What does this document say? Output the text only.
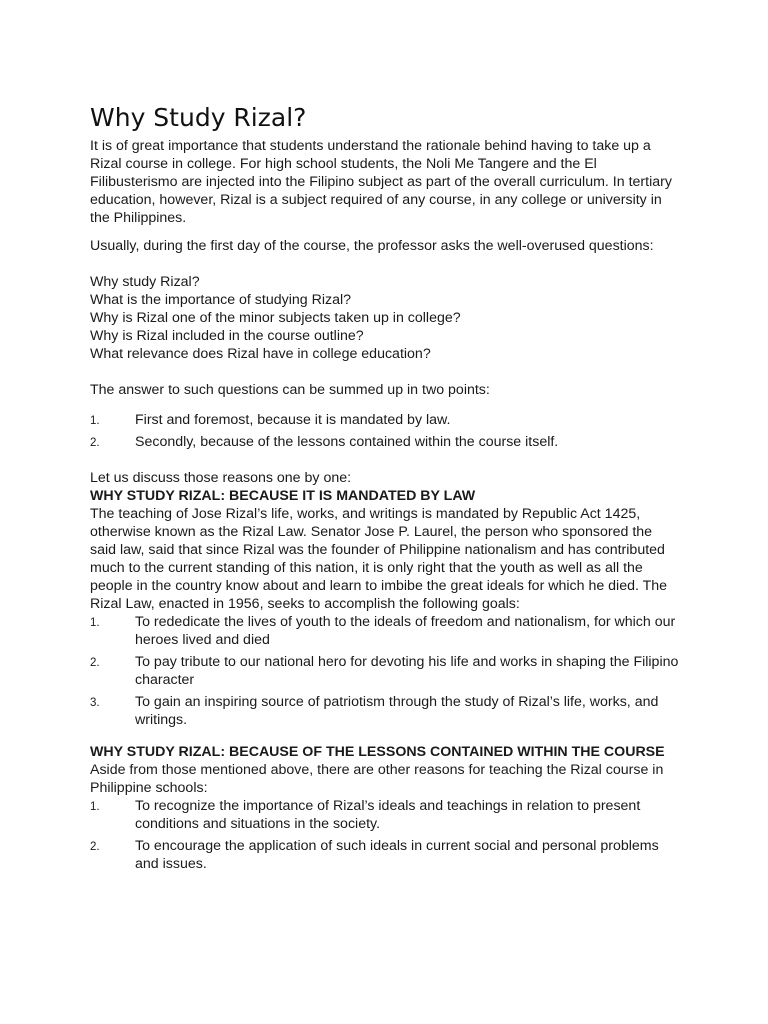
Why Study Rizal?

It is of great importance that students understand the rationale behind having to take up a Rizal course in college. For high school students, the Noli Me Tangere and the El Filibusterismo are injected into the Filipino subject as part of the overall curriculum. In tertiary education, however, Rizal is a subject required of any course, in any college or university in the Philippines.

Usually, during the first day of the course, the professor asks the well-overused questions:

Why study Rizal?
What is the importance of studying Rizal?
Why is Rizal one of the minor subjects taken up in college?
Why is Rizal included in the course outline?
What relevance does Rizal have in college education?

The answer to such questions can be summed up in two points:

1. First and foremost, because it is mandated by law.
2. Secondly, because of the lessons contained within the course itself.

Let us discuss those reasons one by one:

WHY STUDY RIZAL: BECAUSE IT IS MANDATED BY LAW

The teaching of Jose Rizal’s life, works, and writings is mandated by Republic Act 1425, otherwise known as the Rizal Law. Senator Jose P. Laurel, the person who sponsored the said law, said that since Rizal was the founder of Philippine nationalism and has contributed much to the current standing of this nation, it is only right that the youth as well as all the people in the country know about and learn to imbibe the great ideals for which he died. The Rizal Law, enacted in 1956, seeks to accomplish the following goals:

1. To rededicate the lives of youth to the ideals of freedom and nationalism, for which our heroes lived and died
2. To pay tribute to our national hero for devoting his life and works in shaping the Filipino character
3. To gain an inspiring source of patriotism through the study of Rizal’s life, works, and writings.

WHY STUDY RIZAL: BECAUSE OF THE LESSONS CONTAINED WITHIN THE COURSE

Aside from those mentioned above, there are other reasons for teaching the Rizal course in Philippine schools:

1. To recognize the importance of Rizal’s ideals and teachings in relation to present conditions and situations in the society.
2. To encourage the application of such ideals in current social and personal problems and issues.
